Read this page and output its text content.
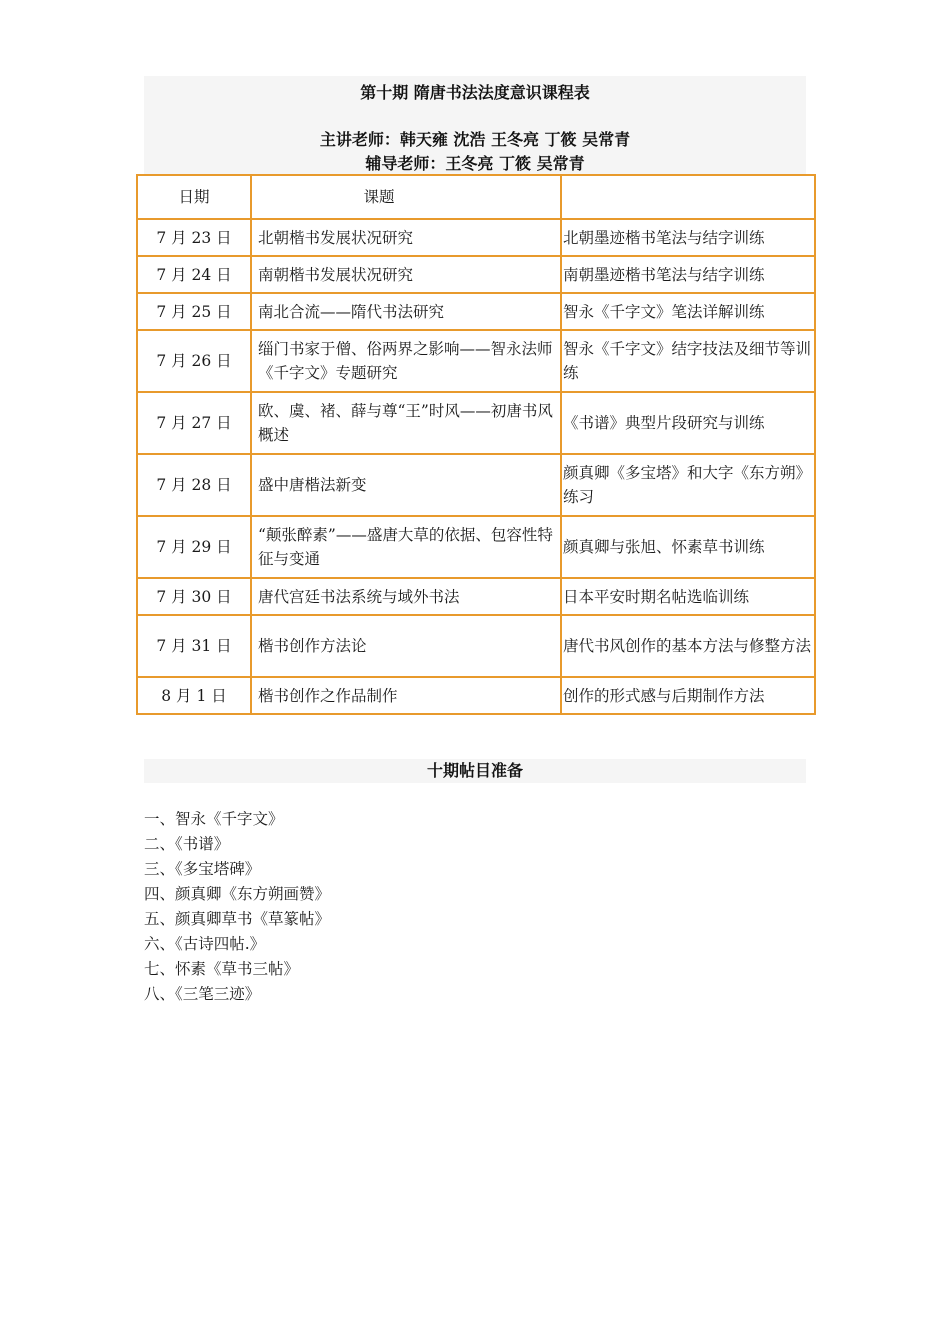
第十期 隋唐书法法度意识课程表
主讲老师：韩天雍 沈浩 王冬亮 丁筱 吴常青
辅导老师：王冬亮 丁筱 吴常青
日期	课题	
7 月 23 日	北朝楷书发展状况研究	北朝墨迹楷书笔法与结字训练
7 月 24 日	南朝楷书发展状况研究	南朝墨迹楷书笔法与结字训练
7 月 25 日	南北合流——隋代书法研究	智永《千字文》笔法详解训练
7 月 26 日	缁门书家于僧、俗两界之影响——智永法师《千字文》专题研究	智永《千字文》结字技法及细节等训练
7 月 27 日	欧、虞、褚、薛与尊“王”时风——初唐书风概述	《书谱》典型片段研究与训练
7 月 28 日	盛中唐楷法新变	颜真卿《多宝塔》和大字《东方朔》练习
7 月 29 日	“颠张醉素”——盛唐大草的依据、包容性特征与变通	颜真卿与张旭、怀素草书训练
7 月 30 日	唐代宫廷书法系统与域外书法	日本平安时期名帖选临训练
7 月 31 日	楷书创作方法论	唐代书风创作的基本方法与修整方法
8 月 1 日	楷书创作之作品制作	创作的形式感与后期制作方法
十期帖目准备
一、智永《千字文》
二、《书谱》
三、《多宝塔碑》
四、颜真卿《东方朔画赞》
五、颜真卿草书《草篆帖》
六、《古诗四帖.》
七、怀素《草书三帖》
八、《三笔三迹》
